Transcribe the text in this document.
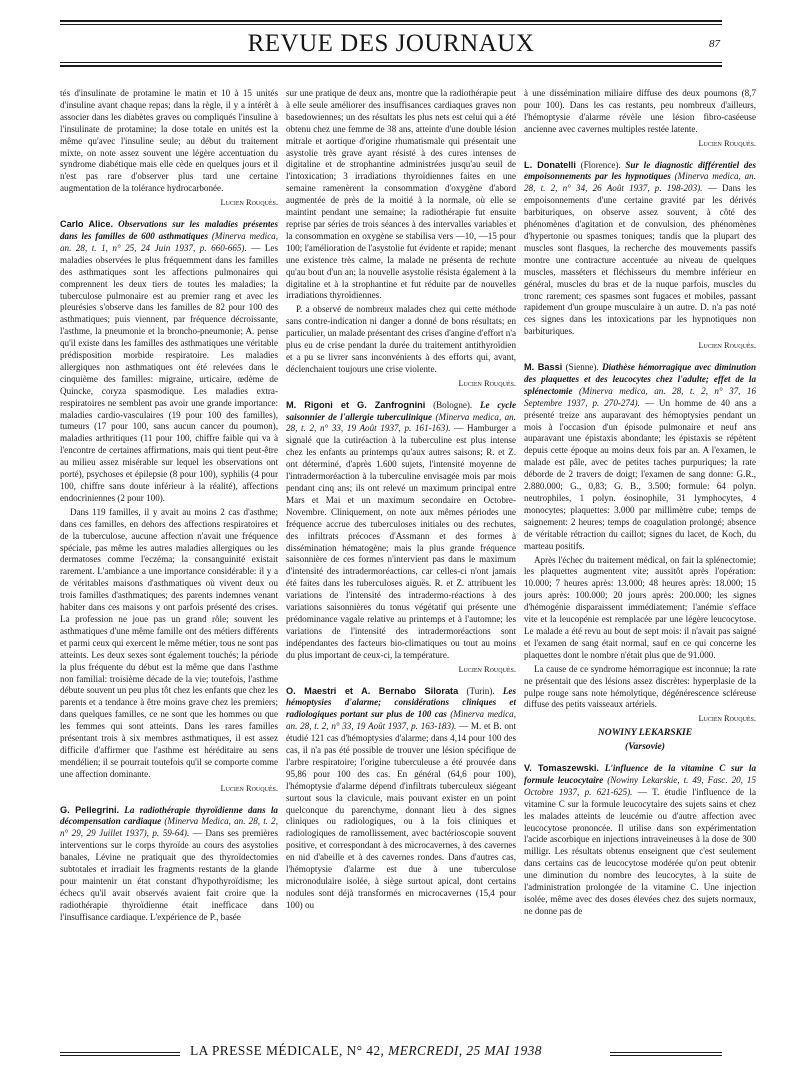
REVUE DES JOURNAUX	87

tés d'insulinate de protamine le matin et 10 à 15 unités d'insuline avant chaque repas; dans la règle, il y a intérêt à associer dans les diabètes graves ou compliqués l'insuline à l'insulinate de protamine; la dose totale en unités est la même qu'avec l'insuline seule; au début du traitement mixte, on note assez souvent une légère accentuation du syndrome diabétique mais elle cède en quelques jours et il n'est pas rare d'observer plus tard une certaine augmentation de la tolérance hydrocarbonée.

Lucien Rouquès.

Carlo Alice. Observations sur les maladies présentes dans les familles de 600 asthmatiques (Minerva medica, an. 28, t. 1, n° 25, 24 Juin 1937, p. 660-665). — Les maladies observées le plus fréquemment dans les familles des asthmatiques sont les affections pulmonaires qui comprennent les deux tiers de toutes les maladies; la tuberculose pulmonaire est au premier rang et avec les pleurésies s'observe dans les familles de 82 pour 100 des asthmatiques; puis viennent, par fréquence décroissante, l'asthme, la pneumonie et la broncho-pneumonie; A. pense qu'il existe dans les familles des asthmatiques une véritable prédisposition morbide respiratoire. Les maladies allergiques non asthmatiques ont été relevées dans le cinquième des familles: migraine, urticaire, œdème de Quincke, coryza spasmodique. Les maladies extra-respiratoires ne semblent pas avoir une grande importance: maladies cardio-vasculaires (19 pour 100 des familles), tumeurs (17 pour 100, sans aucun cancer du poumon), maladies arthritiques (11 pour 100, chiffre faible qui va à l'encontre de certaines affirmations, mais qui tient peut-être au milieu assez misérable sur lequel les observations ont porté), psychoses et épilepsie (8 pour 100), syphilis (4 pour 100, chiffre sans doute inférieur à la réalité), affections endocriniennes (2 pour 100).

Dans 119 familles, il y avait au moins 2 cas d'asthme; dans ces familles, en dehors des affections respiratoires et de la tuberculose, aucune affection n'avait une fréquence spéciale, pas même les autres maladies allergiques ou les dermatoses comme l'eczéma; la consanguinité existait rarement. L'ambiance a une importance considérable: il y a de véritables maisons d'asthmatiques où vivent deux ou trois familles d'asthmatiques; des parents indemnes venant habiter dans ces maisons y ont parfois présenté des crises. La profession ne joue pas un grand rôle; souvent les asthmatiques d'une même famille ont des métiers différents et parmi ceux qui exercent le même métier, tous ne sont pas atteints. Les deux sexes sont également touchés; la période la plus fréquente du début est la même que dans l'asthme non familial: troisième décade de la vie; toutefois, l'asthme débute souvent un peu plus tôt chez les enfants que chez les parents et a tendance à être moins grave chez les premiers; dans quelques familles, ce ne sont que les hommes ou que les femmes qui sont atteints. Dans les rares familles présentant trois à six membres asthmatiques, il est assez difficile d'affirmer que l'asthme est héréditaire au sens mendélien; il se pourrait toutefois qu'il se comporte comme une affection dominante.

Lucien Rouquès.

G. Pellegrini. La radiothérapie thyroïdienne dans la décompensation cardiaque (Minerva Medica, an. 28, t. 2, n° 29, 29 Juillet 1937), p. 59-64). — Dans ses premières interventions sur le corps thyroïde au cours des asystolies banales, Lévine ne pratiquait que des thyroïdectomies subtotales et irradiait les fragments restants de la glande pour maintenir un état constant d'hypothyroïdisme; les échecs qu'il avait observés avaient fait croire que la radiothérapie thyroïdienne était inefficace dans l'insuffisance cardiaque. L'expérience de P., basée

sur une pratique de deux ans, montre que la radiothérapie peut à elle seule améliorer des insuffisances cardiaques graves non basedowiennes; un des résultats les plus nets est celui qui a été obtenu chez une femme de 38 ans, atteinte d'une double lésion mitrale et aortique d'origine rhumatismale qui présentait une asystolie très grave ayant résisté à des cures intenses de digitaline et de strophantine administrées jusqu'au seuil de l'intoxication; 3 irradiations thyroïdiennes faites en une semaine ramenèrent la consommation d'oxygène d'abord augmentée de près de la moitié à la normale, où elle se maintint pendant une semaine; la radiothérapie fut ensuite reprise par séries de trois séances à des intervalles variables et la consommation en oxygène se stabilisa vers —10, —15 pour 100; l'amélioration de l'asystolie fut évidente et rapide; menant une existence très calme, la malade ne présenta de rechute qu'au bout d'un an; la nouvelle asystolie résista également à la digitaline et à la strophantine et fut réduite par de nouvelles irradiations thyroïdiennes.

P. a observé de nombreux malades chez qui cette méthode sans contre-indication ni danger a donné de bons résultats; en particulier, un malade présentant des crises d'angine d'effort n'a plus eu de crise pendant la durée du traitement antithyroïdien et a pu se livrer sans inconvénients à des efforts qui, avant, déclenchaient toujours une crise violente.

Lucien Rouquès.

M. Rigoni et G. Zanfrognini (Bologne). Le cycle saisonnier de l'allergie tuberculinique (Minerva medica, an. 28, t. 2, n° 33, 19 Août 1937, p. 161-163). — Hamburger a signalé que la cutiréaction à la tuberculine est plus intense chez les enfants au printemps qu'aux autres saisons; R. et Z. ont déterminé, d'après 1.600 sujets, l'intensité moyenne de l'intradermoréaction à la tuberculine envisagée mois par mois pendant cinq ans; ils ont relevé un maximum principal entre Mars et Mai et un maximum secondaire en Octobre-Novembre. Cliniquement, on note aux mêmes périodes une fréquence accrue des tuberculoses initiales ou des rechutes, des infiltrats précoces d'Assmann et des formes à dissémination hématogène; mais la plus grande fréquence saisonnière de ces formes n'intervient pas dans le maximum d'intensité des intradermoréactions, car celles-ci n'ont jamais été faites dans les tuberculoses aiguës. R. et Z. attribuent les variations de l'intensité des intradermo-réactions à des variations saisonnières du tonus végétatif qui présente une prédominance vagale relative au printemps et à l'automne; les variations de l'intensité des intradermoréactions sont indépendantes des facteurs bio-climatiques ou tout au moins du plus important de ceux-ci, la température.

Lucien Rouquès.

O. Maestri et A. Bernabo Silorata (Turin). Les hémoptysies d'alarme; considérations cliniques et radiologiques portant sur plus de 100 cas (Minerva medica, an. 28, t. 2, n° 33, 19 Août 1937, p. 163-183). — M. et B. ont étudié 121 cas d'hémoptysies d'alarme; dans 4,14 pour 100 des cas, il n'a pas été possible de trouver une lésion spécifique de l'arbre respiratoire; l'origine tuberculeuse a été prouvée dans 95,86 pour 100 des cas. En général (64,6 pour 100), l'hémoptysie d'alarme dépend d'infiltrats tuberculeux siégeant surtout sous la clavicule, mais pouvant exister en un point quelconque du parenchyme, donnant lieu à des signes cliniques ou radiologiques, ou à la fois cliniques et radiologiques de ramollissement, avec bactérioscopie souvent positive, et correspondant à des microcavernes, à des cavernes en nid d'abeille et à des cavernes rondes. Dans d'autres cas, l'hémoptysie d'alarme est due à une tuberculose micronodulaire isolée, à siège surtout apical, dont certains nodules sont déjà transformés en microcavernes (15,4 pour 100) ou

à une dissémination miliaire diffuse des deux poumons (8,7 pour 100). Dans les cas restants, peu nombreux d'ailleurs, l'hémoptysie d'alarme révèle une lésion fibro-caséeuse ancienne avec cavernes multiples restée latente.

Lucien Rouquès.

L. Donatelli (Florence). Sur le diagnostic différentiel des empoisonnements par les hypnotiques (Minerva medica, an. 28, t. 2, n° 34, 26 Août 1937, p. 198-203). — Dans les empoisonnements d'une certaine gravité par les dérivés barbituriques, on observe assez souvent, à côté des phénomènes d'agitation et de convulsion, des phénomènes d'hypertonie ou spasmes toniques; tandis que la plupart des muscles sont flasques, la recherche des mouvements passifs montre une contracture accentuée au niveau de quelques muscles, masséters et fléchisseurs du membre inférieur en général, muscles du bras et de la nuque parfois, muscles du tronc rarement; ces spasmes sont fugaces et mobiles, passant rapidement d'un groupe musculaire à un autre. D. n'a pas noté ces signes dans les intoxications par les hypnotiques non barbituriques.

Lucien Rouquès.

M. Bassi (Sienne). Diathèse hémorragique avec diminution des plaquettes et des leucocytes chez l'adulte; effet de la splénectomie (Minerva medica, an. 28, t. 2, n° 37, 16 Septembre 1937, p. 270-274). — Un homme de 40 ans a présenté treize ans auparavant des hémoptysies pendant un mois à l'occasion d'un épisode pulmonaire et neuf ans auparavant une épistaxis abondante; les épistaxis se répètent depuis cette époque au moins deux fois par an. A l'examen, le malade est pâle, avec de petites taches purpuriques; la rate déborde de 2 travers de doigt; l'examen de sang donne: G.R., 2.880.000; G., 0,83; G. B., 3.500; formule: 64 polyn. neutrophiles, 1 polyn. éosinophile, 31 lymphocytes, 4 monocytes; plaquettes: 3.000 par millimètre cube; temps de saignement: 2 heures; temps de coagulation prolongé; absence de véritable rétraction du caillot; signes du lacet, de Koch, du marteau positifs.

Après l'échec du traitement médical, on fait la splénectomie; les plaquettes augmentent vite; aussitôt après l'opération: 10.000; 7 heures après: 13.000; 48 heures après: 18.000; 15 jours après: 100.000; 20 jours après: 200.000; les signes d'hémogénie disparaissent immédiatement; l'anémie s'efface vite et la leucopénie est remplacée par une légère leucocytose. Le malade a été revu au bout de sept mois: il n'avait pas saigné et l'examen de sang était normal, sauf en ce qui concerne les plaquettes dont le nombre n'était plus que de 91.000.

La cause de ce syndrome hémorragique est inconnue; la rate ne présentait que des lésions assez discrètes: hyperplasie de la pulpe rouge sans note hémolytique, dégénérescence scléreuse diffuse des petits vaisseaux artériels.

Lucien Rouquès.

NOWINY LEKARSKIE

(Varsovie)

V. Tomaszewski. L'influence de la vitamine C sur la formule leucocytaire (Nowiny Lekarskie, t. 49, Fasc. 20, 15 Octobre 1937, p. 621-625). — T. étudie l'influence de la vitamine C sur la formule leucocytaire des sujets sains et chez les malades atteints de leucémie ou d'autre affection avec leucocytose prononcée. Il utilise dans son expérimentation l'acide ascorbique en injections intraveineuses à la dose de 300 milligr. Les résultats obtenus enseignent que c'est seulement dans certains cas de leucocytose modérée qu'on peut obtenir une diminution du nombre des leucocytes, à la suite de l'administration prolongée de la vitamine C. Une injection isolée, même avec des doses élevées chez des sujets normaux, ne donne pas de

LA PRESSE MÉDICALE, N° 42, MERCREDI, 25 MAI 1938
